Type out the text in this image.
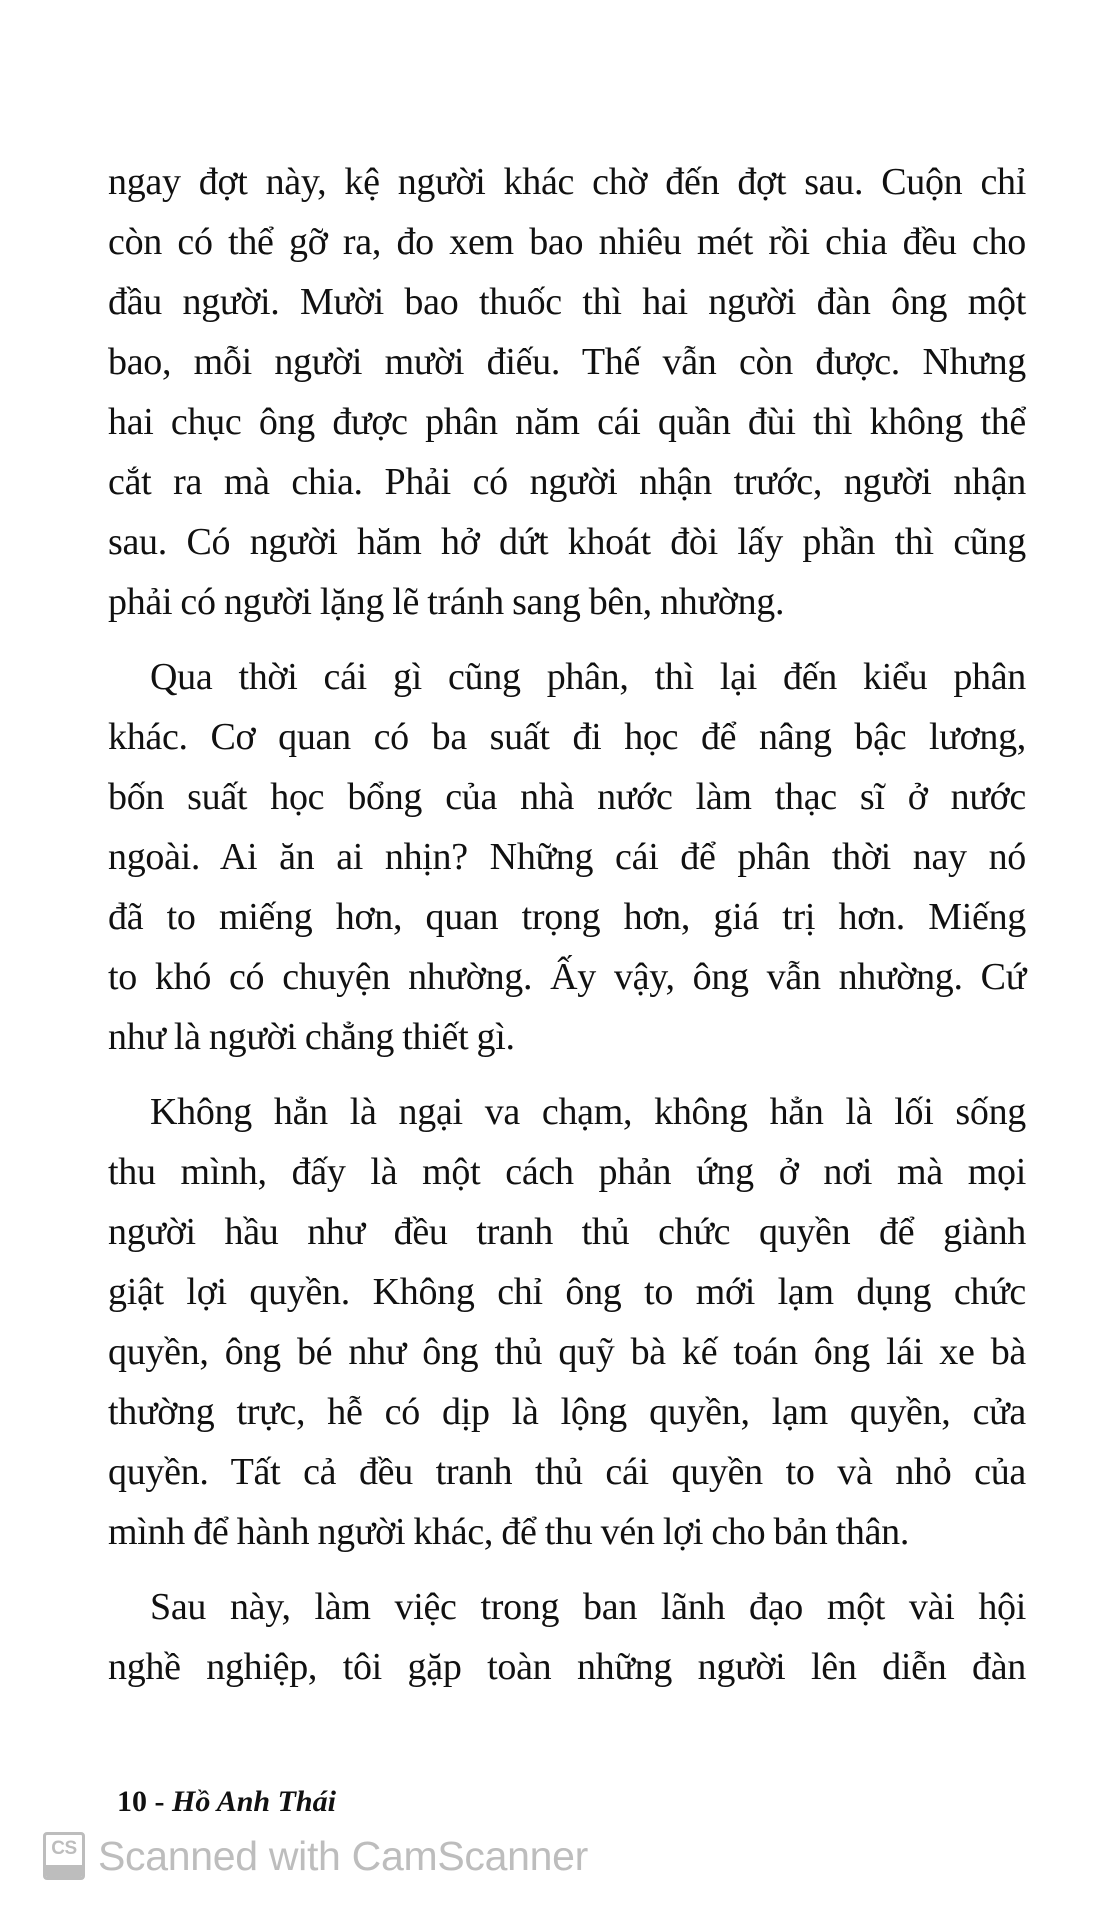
ngay đợt này, kệ người khác chờ đến đợt sau. Cuộn chỉ
còn có thể gỡ ra, đo xem bao nhiêu mét rồi chia đều cho
đầu người. Mười bao thuốc thì hai người đàn ông một
bao, mỗi người mười điếu. Thế vẫn còn được. Nhưng
hai chục ông được phân năm cái quần đùi thì không thể
cắt ra mà chia. Phải có người nhận trước, người nhận
sau. Có người hăm hở dứt khoát đòi lấy phần thì cũng
phải có người lặng lẽ tránh sang bên, nhường.
Qua thời cái gì cũng phân, thì lại đến kiểu phân
khác. Cơ quan có ba suất đi học để nâng bậc lương,
bốn suất học bổng của nhà nước làm thạc sĩ ở nước
ngoài. Ai ăn ai nhịn? Những cái để phân thời nay nó
đã to miếng hơn, quan trọng hơn, giá trị hơn. Miếng
to khó có chuyện nhường. Ấy vậy, ông vẫn nhường. Cứ
như là người chẳng thiết gì.
Không hẳn là ngại va chạm, không hẳn là lối sống
thu mình, đấy là một cách phản ứng ở nơi mà mọi
người hầu như đều tranh thủ chức quyền để giành
giật lợi quyền. Không chỉ ông to mới lạm dụng chức
quyền, ông bé như ông thủ quỹ bà kế toán ông lái xe bà
thường trực, hễ có dịp là lộng quyền, lạm quyền, cửa
quyền. Tất cả đều tranh thủ cái quyền to và nhỏ của
mình để hành người khác, để thu vén lợi cho bản thân.
Sau này, làm việc trong ban lãnh đạo một vài hội
nghề nghiệp, tôi gặp toàn những người lên diễn đàn
10 - Hồ Anh Thái
CS Scanned with CamScanner
